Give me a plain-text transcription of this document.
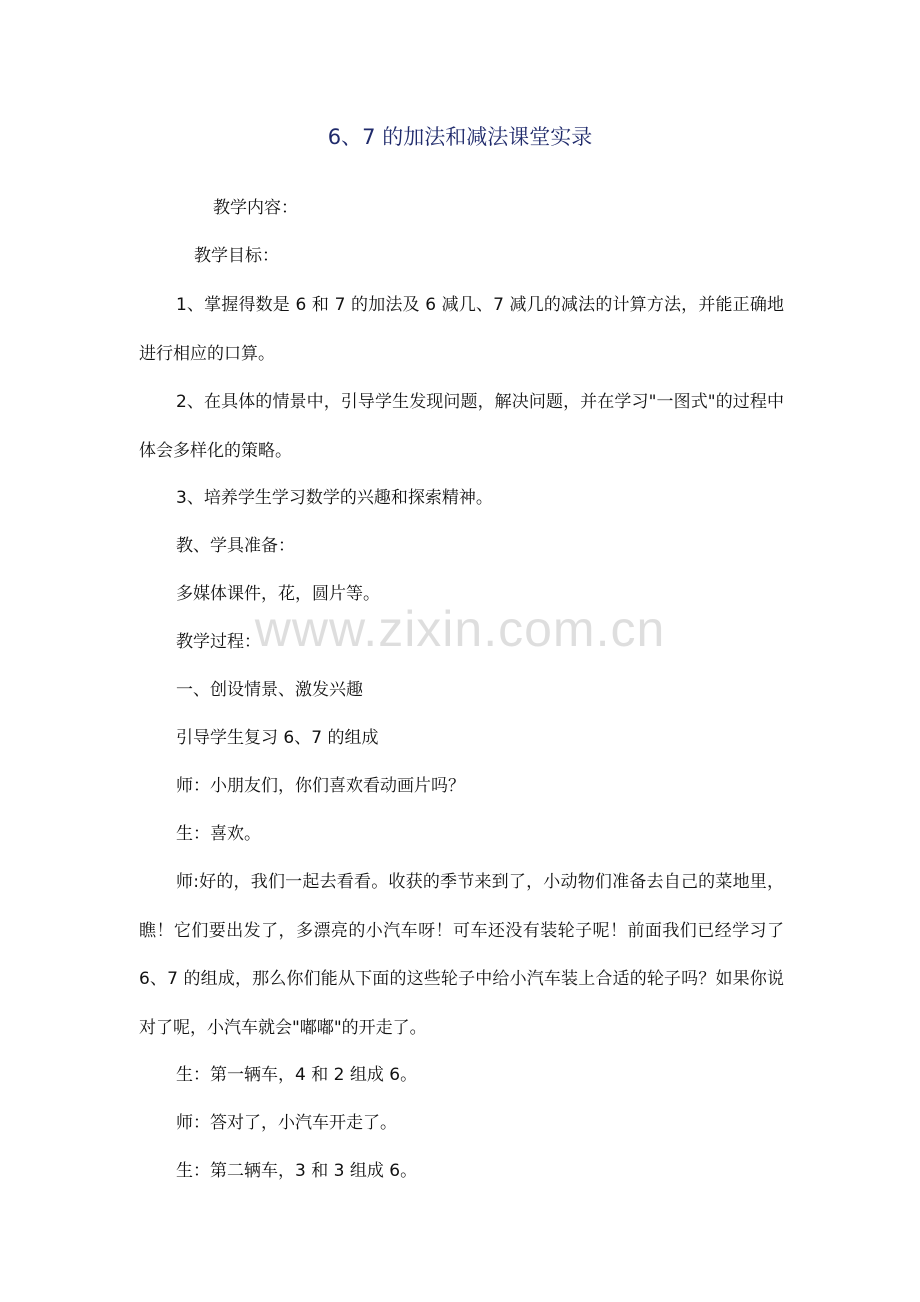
6、7 的加法和减法课堂实录

教学内容：

教学目标：

1、掌握得数是 6 和 7 的加法及 6 减几、7 减几的减法的计算方法，并能正确地进行相应的口算。

2、在具体的情景中，引导学生发现问题，解决问题，并在学习"一图式"的过程中体会多样化的策略。

3、培养学生学习数学的兴趣和探索精神。

教、学具准备：

多媒体课件，花，圆片等。

教学过程：

一、创设情景、激发兴趣

引导学生复习 6、7 的组成

师：小朋友们，你们喜欢看动画片吗？

生：喜欢。

师:好的，我们一起去看看。收获的季节来到了，小动物们准备去自己的菜地里，瞧！它们要出发了，多漂亮的小汽车呀！可车还没有装轮子呢！前面我们已经学习了 6、7 的组成，那么你们能从下面的这些轮子中给小汽车装上合适的轮子吗？如果你说对了呢，小汽车就会"嘟嘟"的开走了。

生：第一辆车，4 和 2 组成 6。

师：答对了，小汽车开走了。

生：第二辆车，3 和 3 组成 6。

www.zixin.com.cn
